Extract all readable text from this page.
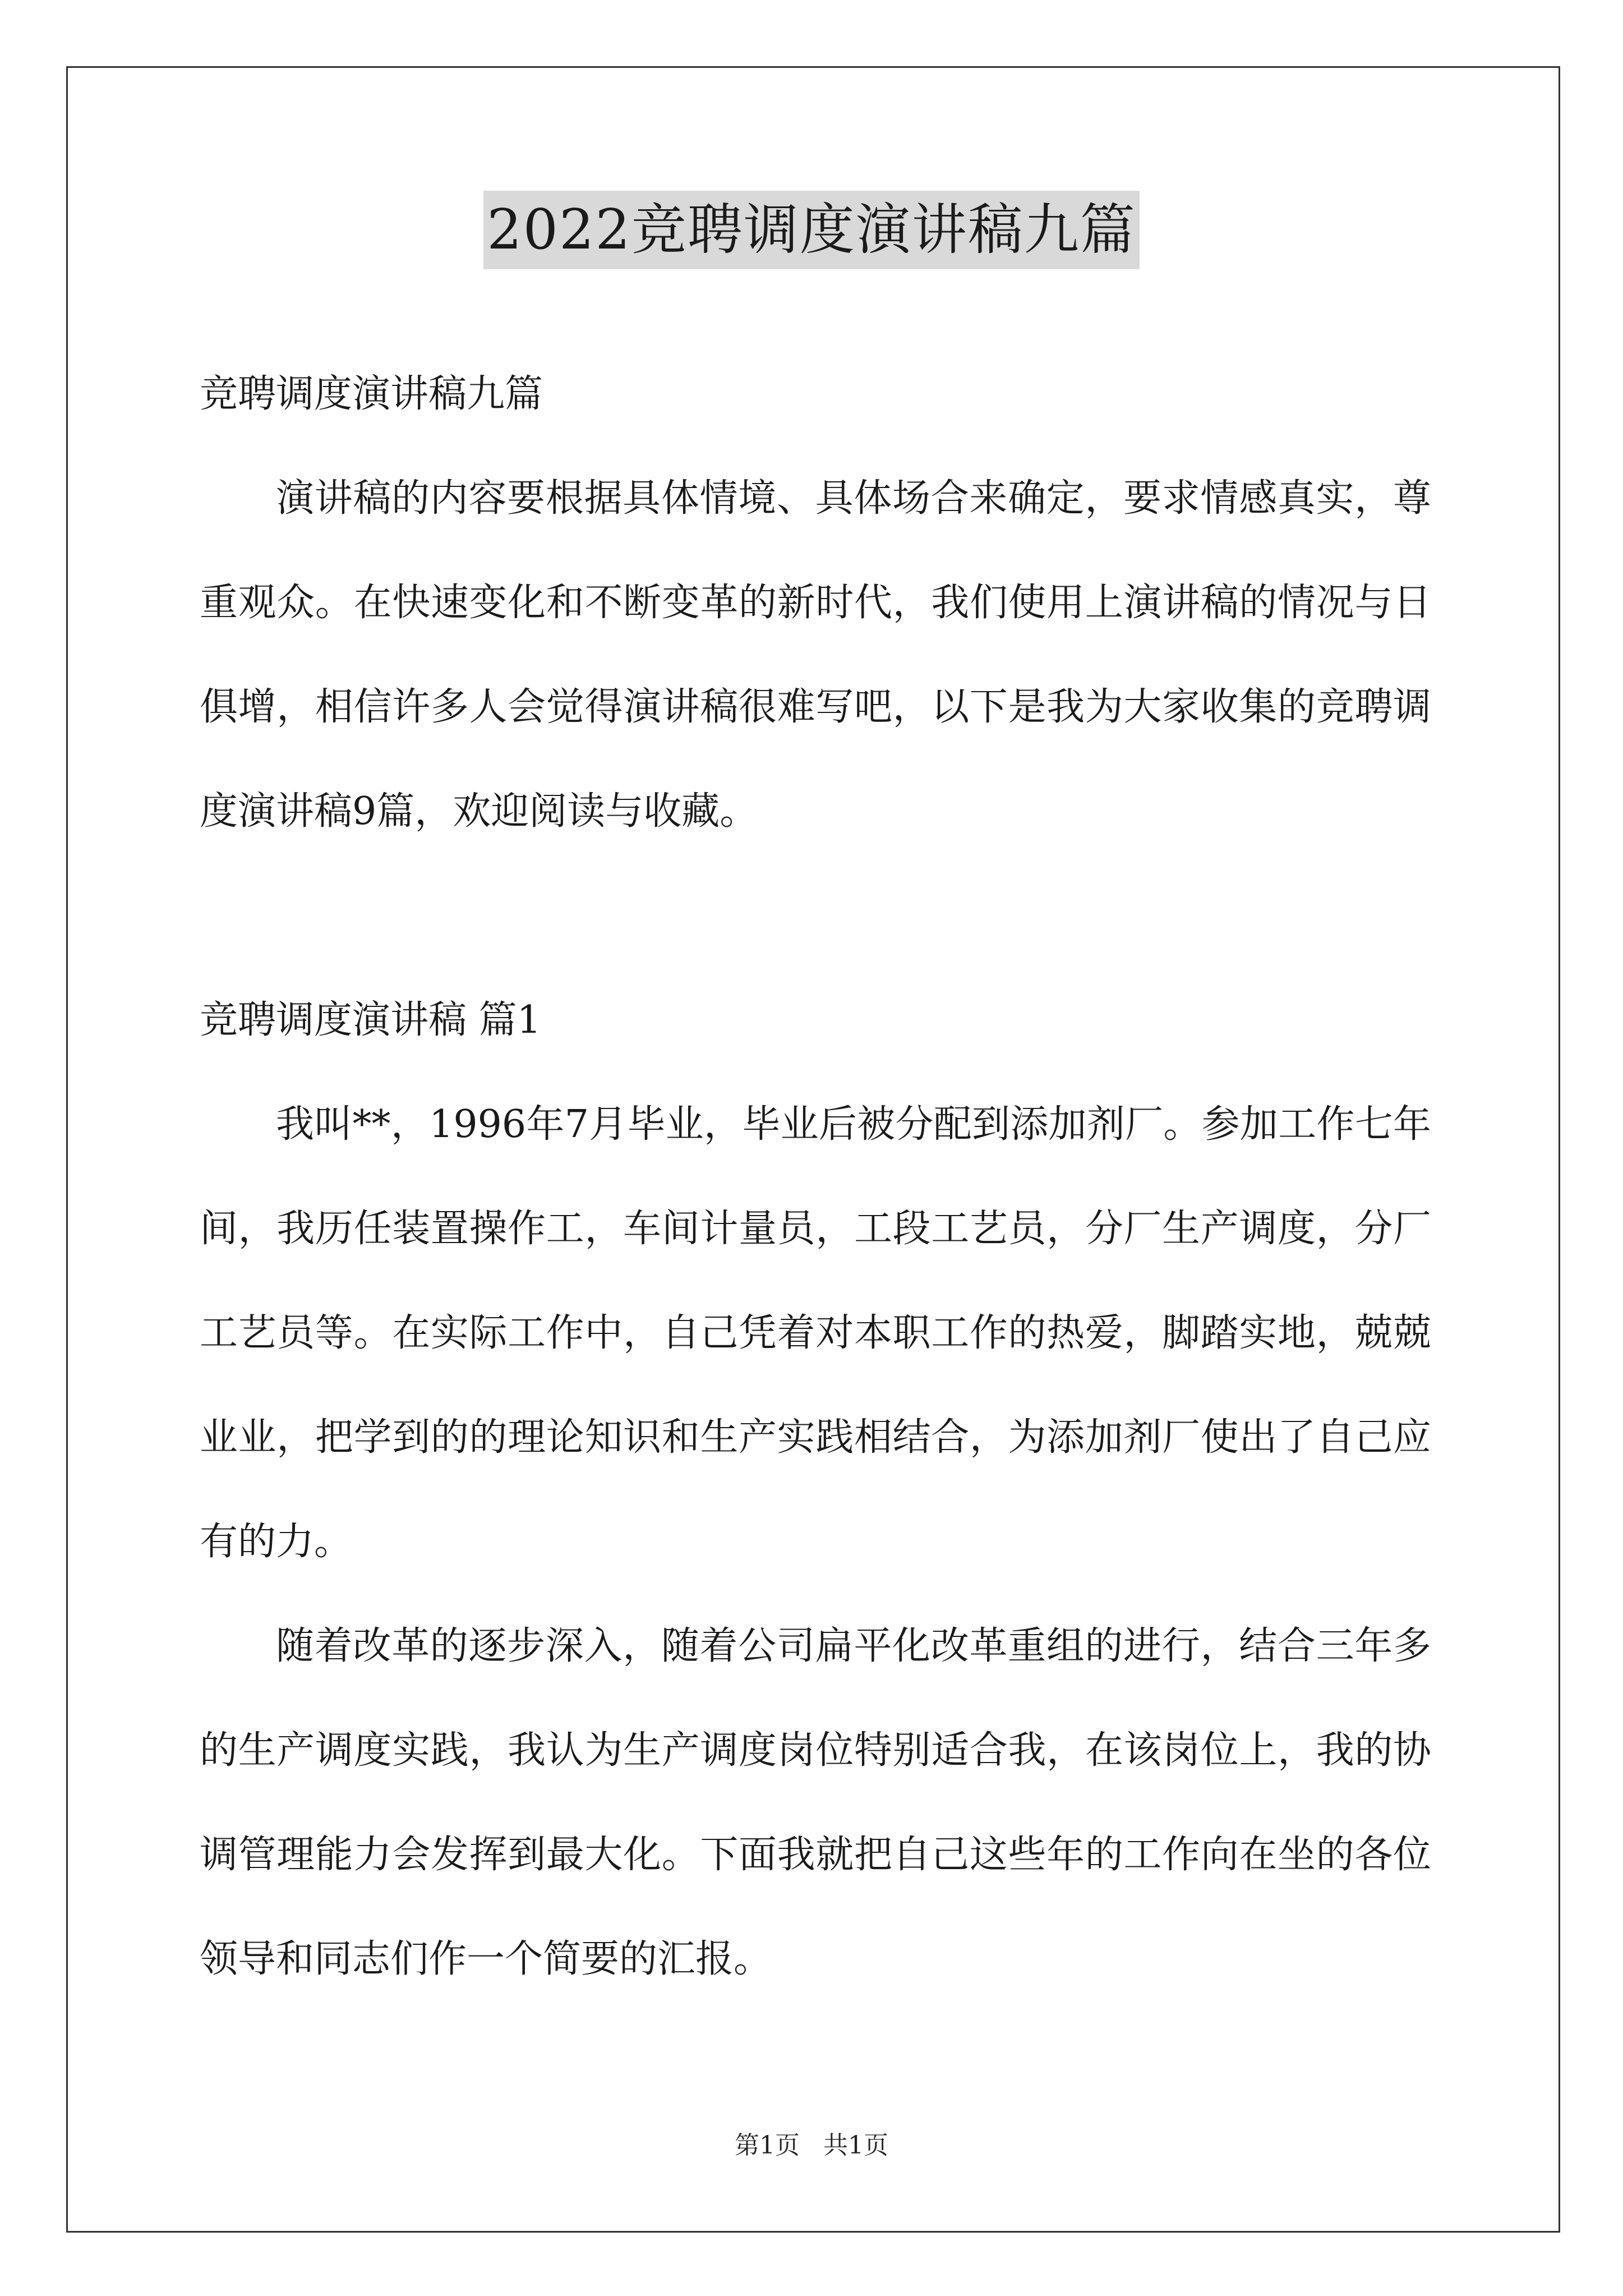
2022竞聘调度演讲稿九篇

竞聘调度演讲稿九篇

演讲稿的内容要根据具体情境、具体场合来确定，要求情感真实，尊重观众。在快速变化和不断变革的新时代，我们使用上演讲稿的情况与日俱增，相信许多人会觉得演讲稿很难写吧，以下是我为大家收集的竞聘调度演讲稿9篇，欢迎阅读与收藏。

竞聘调度演讲稿 篇1

我叫**，1996年7月毕业，毕业后被分配到添加剂厂。参加工作七年间，我历任装置操作工，车间计量员，工段工艺员，分厂生产调度，分厂工艺员等。在实际工作中，自己凭着对本职工作的热爱，脚踏实地，兢兢业业，把学到的的理论知识和生产实践相结合，为添加剂厂使出了自己应有的力。

随着改革的逐步深入，随着公司扁平化改革重组的进行，结合三年多的生产调度实践，我认为生产调度岗位特别适合我，在该岗位上，我的协调管理能力会发挥到最大化。下面我就把自己这些年的工作向在坐的各位领导和同志们作一个简要的汇报。

第1页   共1页
